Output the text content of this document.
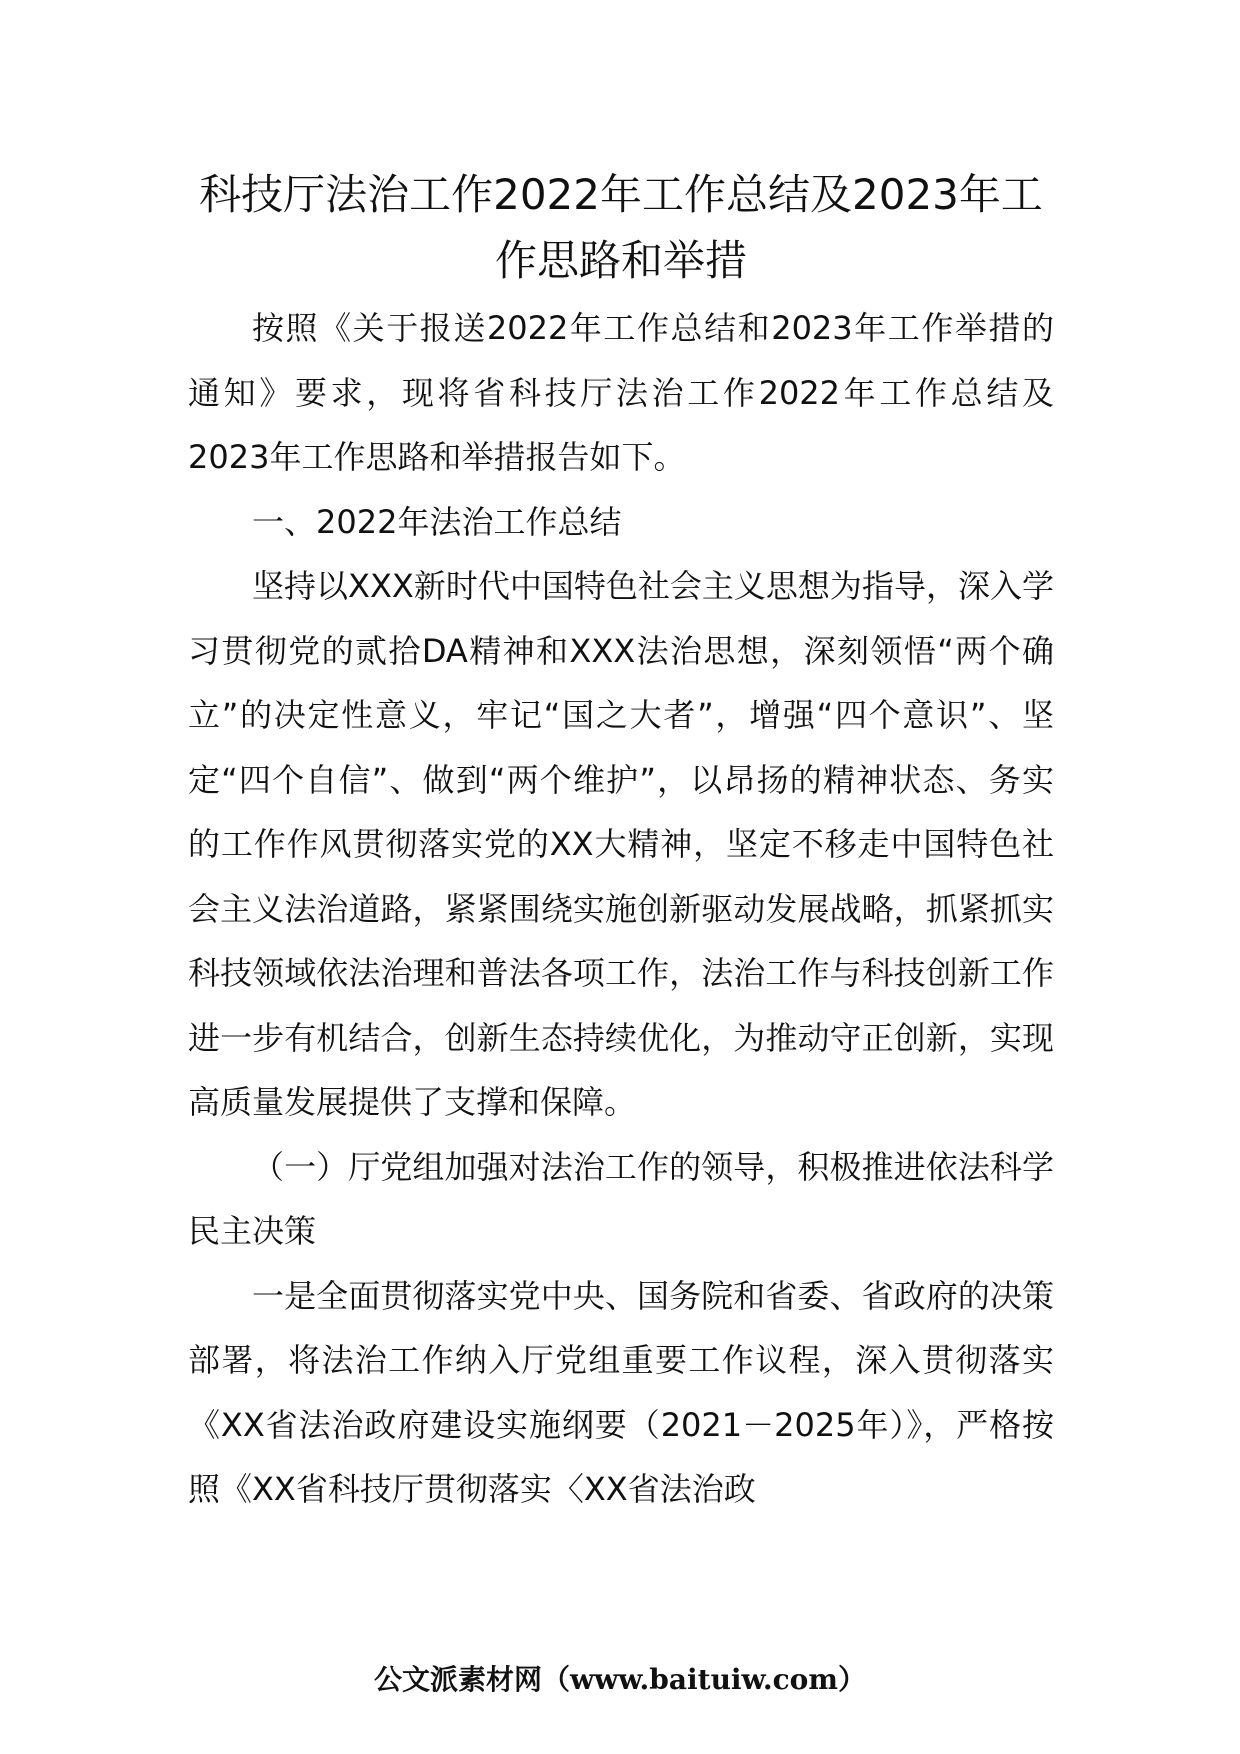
科技厅法治工作2022年工作总结及2023年工作思路和举措

按照《关于报送2022年工作总结和2023年工作举措的通知》要求，现将省科技厅法治工作2022年工作总结及2023年工作思路和举措报告如下。

一、2022年法治工作总结

坚持以XXX新时代中国特色社会主义思想为指导，深入学习贯彻党的贰拾DA精神和XXX法治思想，深刻领悟“两个确立”的决定性意义，牢记“国之大者”，增强“四个意识”、坚定“四个自信”、做到“两个维护”，以昂扬的精神状态、务实的工作作风贯彻落实党的XX大精神，坚定不移走中国特色社会主义法治道路，紧紧围绕实施创新驱动发展战略，抓紧抓实科技领域依法治理和普法各项工作，法治工作与科技创新工作进一步有机结合，创新生态持续优化，为推动守正创新，实现高质量发展提供了支撑和保障。

（一）厅党组加强对法治工作的领导，积极推进依法科学民主决策

一是全面贯彻落实党中央、国务院和省委、省政府的决策部署，将法治工作纳入厅党组重要工作议程，深入贯彻落实《XX省法治政府建设实施纲要（2021－2025年）》，严格按照《XX省科技厅贯彻落实〈XX省法治政

公文派素材网（www.baituiw.com）
